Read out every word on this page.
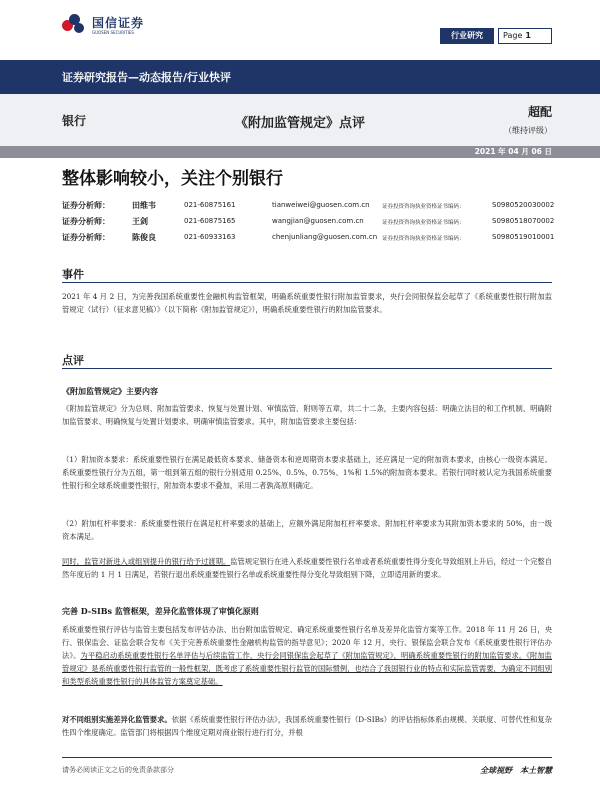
国信证券
GUOSEN SECURITIES	行业研究	Page 1
证券研究报告—动态报告/行业快评
银行	《附加监管规定》点评
超配
（维持评级）
2021 年 04 月 06 日
整体影响较小，关注个别银行
证券分析师：	田维韦	021-60875161	tianweiwei@guosen.com.cn 证券投资咨询执业资格证书编码：	S0980520030002
证券分析师：	王剑	021-60875165	wangjian@guosen.com.cn	证券投资咨询执业资格证书编码：	S0980518070002
证券分析师：	陈俊良	021-60933163	chenjunliang@guosen.com.cn 证券投资咨询执业资格证书编码：	S0980519010001
事件
2021 年 4 月 2 日，为完善我国系统重要性金融机构监管框架，明确系统重要性银行附加监管要求，央行会同银保监会起草了《系统重要性银行附加监管规定（试行）（征求意见稿）》（以下简称《附加监管规定》），明确系统重要性银行的附加监管要求。
点评
《附加监管规定》主要内容
《附加监管规定》分为总则、附加监管要求、恢复与处置计划、审慎监管、附则等五章，共二十二条，主要内容包括：明确立法目的和工作机制、明确附加监管要求、明确恢复与处置计划要求、明确审慎监管要求。其中，附加监管要求主要包括：
（1）附加资本要求：系统重要性银行在满足最低资本要求、储备资本和逆周期资本要求基础上，还应满足一定的附加资本要求，由核心一级资本满足。系统重要性银行分为五组，第一组到第五组的银行分别适用 0.25%、0.5%、0.75%、1%和 1.5%的附加资本要求。若银行同时被认定为我国系统重要性银行和全球系统重要性银行，附加资本要求不叠加，采用二者孰高原则确定。
（2）附加杠杆率要求：系统重要性银行在满足杠杆率要求的基础上，应额外满足附加杠杆率要求。附加杠杆率要求为其附加资本要求的 50%，由一级资本满足。
同时，监管对新进入或组别提升的银行给予过渡期。监管规定银行在进入系统重要性银行名单或者系统重要性得分变化导致组别上升后，经过一个完整自然年度后的 1 月 1 日满足，若银行退出系统重要性银行名单或系统重要性得分变化导致组别下降，立即适用新的要求。
完善 D-SIBs 监管框架，差异化监管体现了审慎化原则
系统重要性银行评估与监管主要包括发布评估办法、出台附加监管规定、确定系统重要性银行名单及差异化监管方案等工作。2018 年 11 月 26 日，央行、银保监会、证监会联合发布《关于完善系统重要性金融机构监管的指导意见》；2020 年 12 月，央行、银保监会联合发布《系统重要性银行评估办法》。为平稳启动系统重要性银行名单评估与后续监管工作，央行会同银保监会起草了《附加监管规定》，明确系统重要性银行的附加监管要求。《附加监管规定》是系统重要性银行监管的一般性框架，既考虑了系统重要性银行监管的国际惯例，也结合了我国银行业的特点和实际监管需要，为确定不同组别和类型系统重要性银行的具体监管方案奠定基础。
对不同组别实施差异化监管要求。依据《系统重要性银行评估办法》，我国系统重要性银行（D-SIBs）的评估指标体系由规模、关联度、可替代性和复杂性四个维度确定。监管部门将根据四个维度定期对商业银行进行打分，并根
请务必阅读正文之后的免责条款部分	全球视野　本土智慧
